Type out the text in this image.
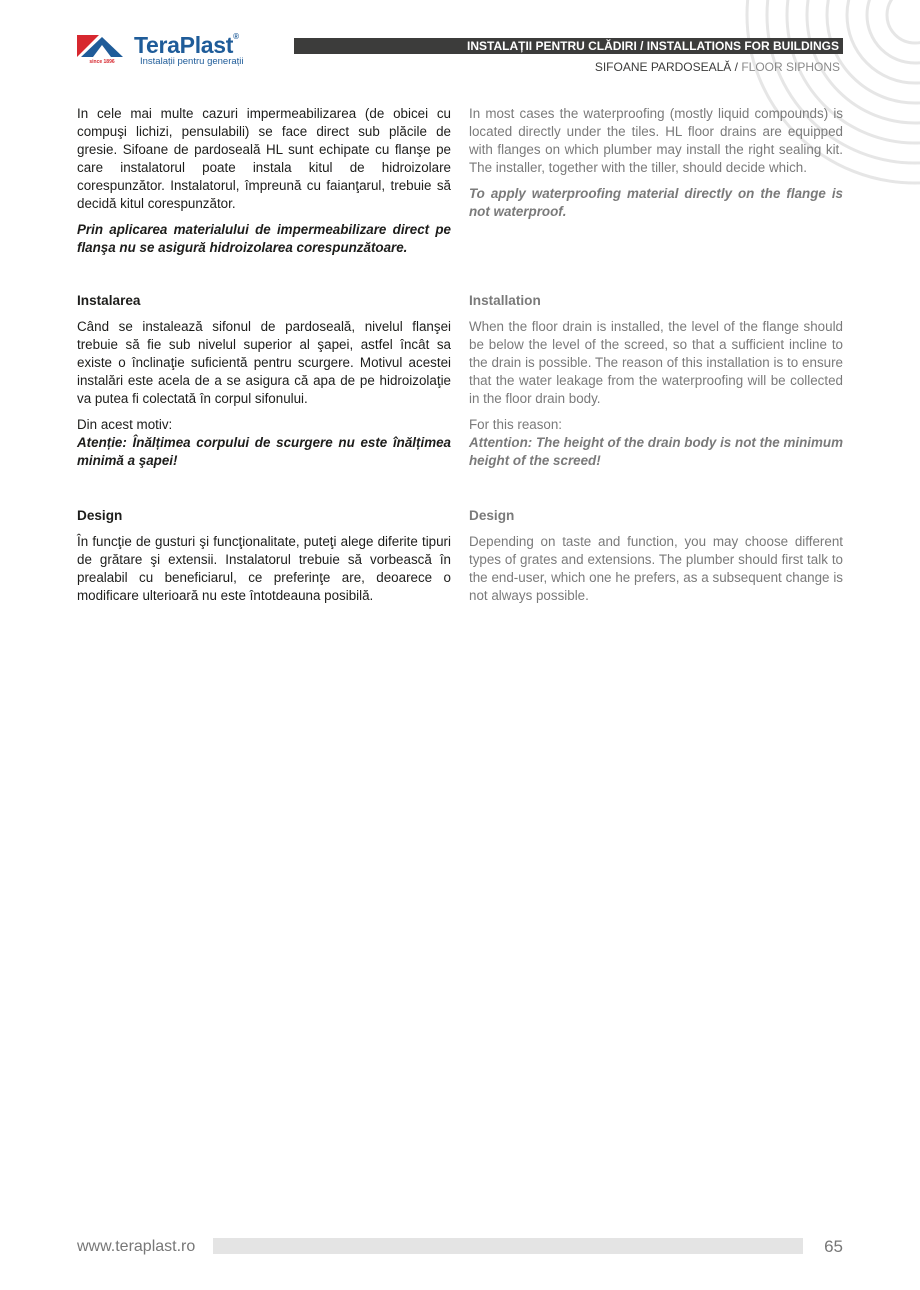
since 1896
TeraPlast®
Instalații pentru generații
INSTALAȚII PENTRU CLĂDIRI / INSTALLATIONS FOR BUILDINGS
SIFOANE PARDOSEALĂ / FLOOR SIPHONS

In cele mai multe cazuri impermeabilizarea (de obicei cu compuşi lichizi, pensulabili) se face direct sub plăcile de gresie. Sifoane de pardoseală HL sunt echipate cu flanşe pe care instalatorul poate instala kitul de hidroizolare corespunzător. Instalatorul, împreună cu faianţarul, trebuie să decidă kitul corespunzător.

Prin aplicarea materialului de impermeabilizare direct pe flanşa nu se asigură hidroizolarea corespunzătoare.

Instalarea

Când se instalează sifonul de pardoseală, nivelul flanşei trebuie să fie sub nivelul superior al şapei, astfel încât sa existe o înclinaţie suficientă pentru scurgere. Motivul acestei instalări este acela de a se asigura că apa de pe hidroizolaţie va putea fi colectată în corpul sifonului.

Din acest motiv:

Atenție: Înălțimea corpului de scurgere nu este înălțimea minimă a şapei!

Design

În funcţie de gusturi şi funcţionalitate, puteţi alege diferite tipuri de grătare şi extensii. Instalatorul trebuie să vorbească în prealabil cu beneficiarul, ce preferinţe are, deoarece o modificare ulterioară nu este întotdeauna posibilă.

In most cases the waterproofing (mostly liquid compounds) is located directly under the tiles. HL floor drains are equipped with flanges on which plumber may install the right sealing kit. The installer, together with the tiller, should decide which.

To apply waterproofing material directly on the flange is not waterproof.

Installation

When the floor drain is installed, the level of the flange should be below the level of the screed, so that a sufficient incline to the drain is possible. The reason of this installation is to ensure that the water leakage from the waterproofing will be collected in the floor drain body.

For this reason:

Attention: The height of the drain body is not the minimum height of the screed!

Design

Depending on taste and function, you may choose different types of grates and extensions. The plumber should first talk to the end-user, which one he prefers, as a subsequent change is not always possible.

www.teraplast.ro	65
